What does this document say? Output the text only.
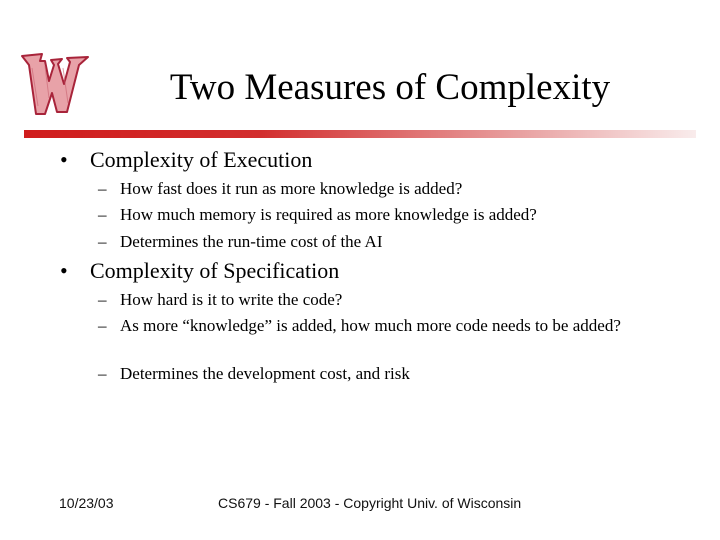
Two Measures of Complexity
• Complexity of Execution
– How fast does it run as more knowledge is added?
– How much memory is required as more knowledge is added?
– Determines the run-time cost of the AI
• Complexity of Specification
– How hard is it to write the code?
– As more “knowledge” is added, how much more code needs to be added?
– Determines the development cost, and risk
10/23/03	CS679 - Fall 2003 - Copyright Univ. of Wisconsin
